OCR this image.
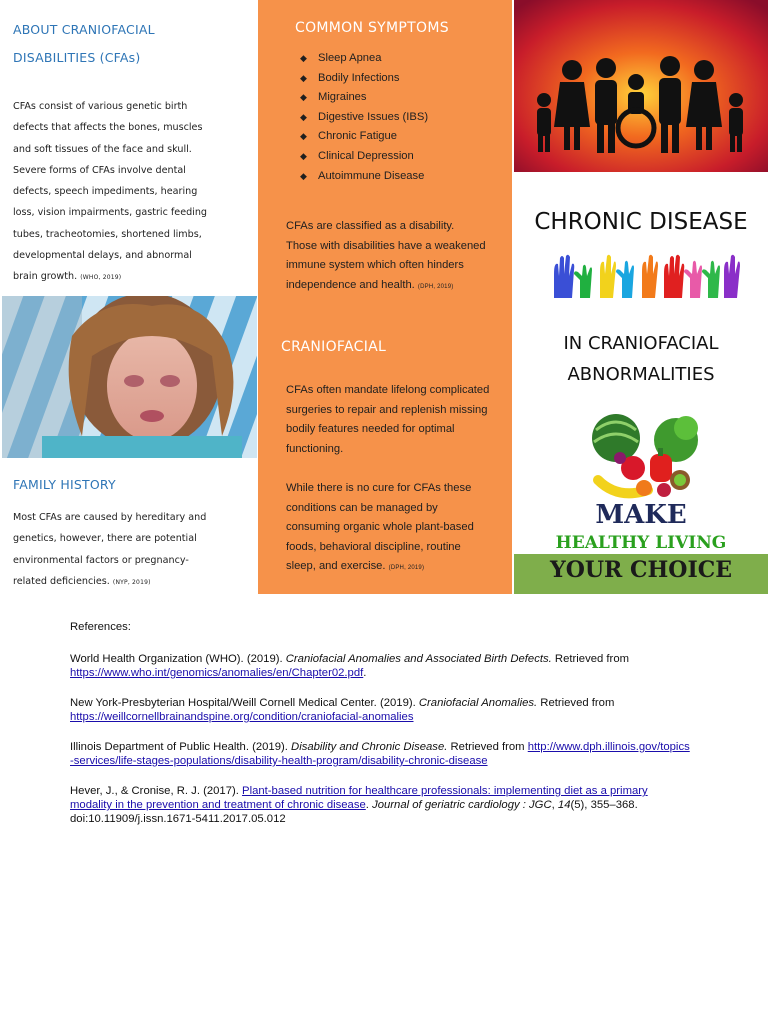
ABOUT CRANIOFACIAL
DISABILITIES (CFAs)
CFAs consist of various genetic birth defects that affects the bones, muscles and soft tissues of the face and skull. Severe forms of CFAs involve dental defects, speech impediments, hearing loss, vision impairments, gastric feeding tubes, tracheotomies, shortened limbs, developmental delays, and abnormal brain growth. (WHO, 2019)
FAMILY HISTORY
Most CFAs are caused by hereditary and genetics, however, there are potential environmental factors or pregnancy-related deficiencies. (NYP, 2019)
COMMON SYMPTOMS
◆ Sleep Apnea
◆ Bodily Infections
◆ Migraines
◆ Digestive Issues (IBS)
◆ Chronic Fatigue
◆ Clinical Depression
◆ Autoimmune Disease
CFAs are classified as a disability. Those with disabilities have a weakened immune system which often hinders independence and health. (DPH, 2019)
CRANIOFACIAL
CFAs often mandate lifelong complicated surgeries to repair and replenish missing bodily features needed for optimal functioning.
While there is no cure for CFAs these conditions can be managed by consuming organic whole plant-based foods, behavioral discipline, routine sleep, and exercise. (DPH, 2019)
CHRONIC DISEASE
IN CRANIOFACIAL
ABNORMALITIES
MAKE
HEALTHY LIVING
YOUR CHOICE
References:
World Health Organization (WHO). (2019). Craniofacial Anomalies and Associated Birth Defects. Retrieved from https://www.who.int/genomics/anomalies/en/Chapter02.pdf.
New York-Presbyterian Hospital/Weill Cornell Medical Center. (2019). Craniofacial Anomalies. Retrieved from https://weillcornellbrainandspine.org/condition/craniofacial-anomalies
Illinois Department of Public Health. (2019). Disability and Chronic Disease. Retrieved from http://www.dph.illinois.gov/topics-services/life-stages-populations/disability-health-program/disability-chronic-disease
Hever, J., & Cronise, R. J. (2017). Plant-based nutrition for healthcare professionals: implementing diet as a primary modality in the prevention and treatment of chronic disease. Journal of geriatric cardiology : JGC, 14(5), 355–368. doi:10.11909/j.issn.1671-5411.2017.05.012
